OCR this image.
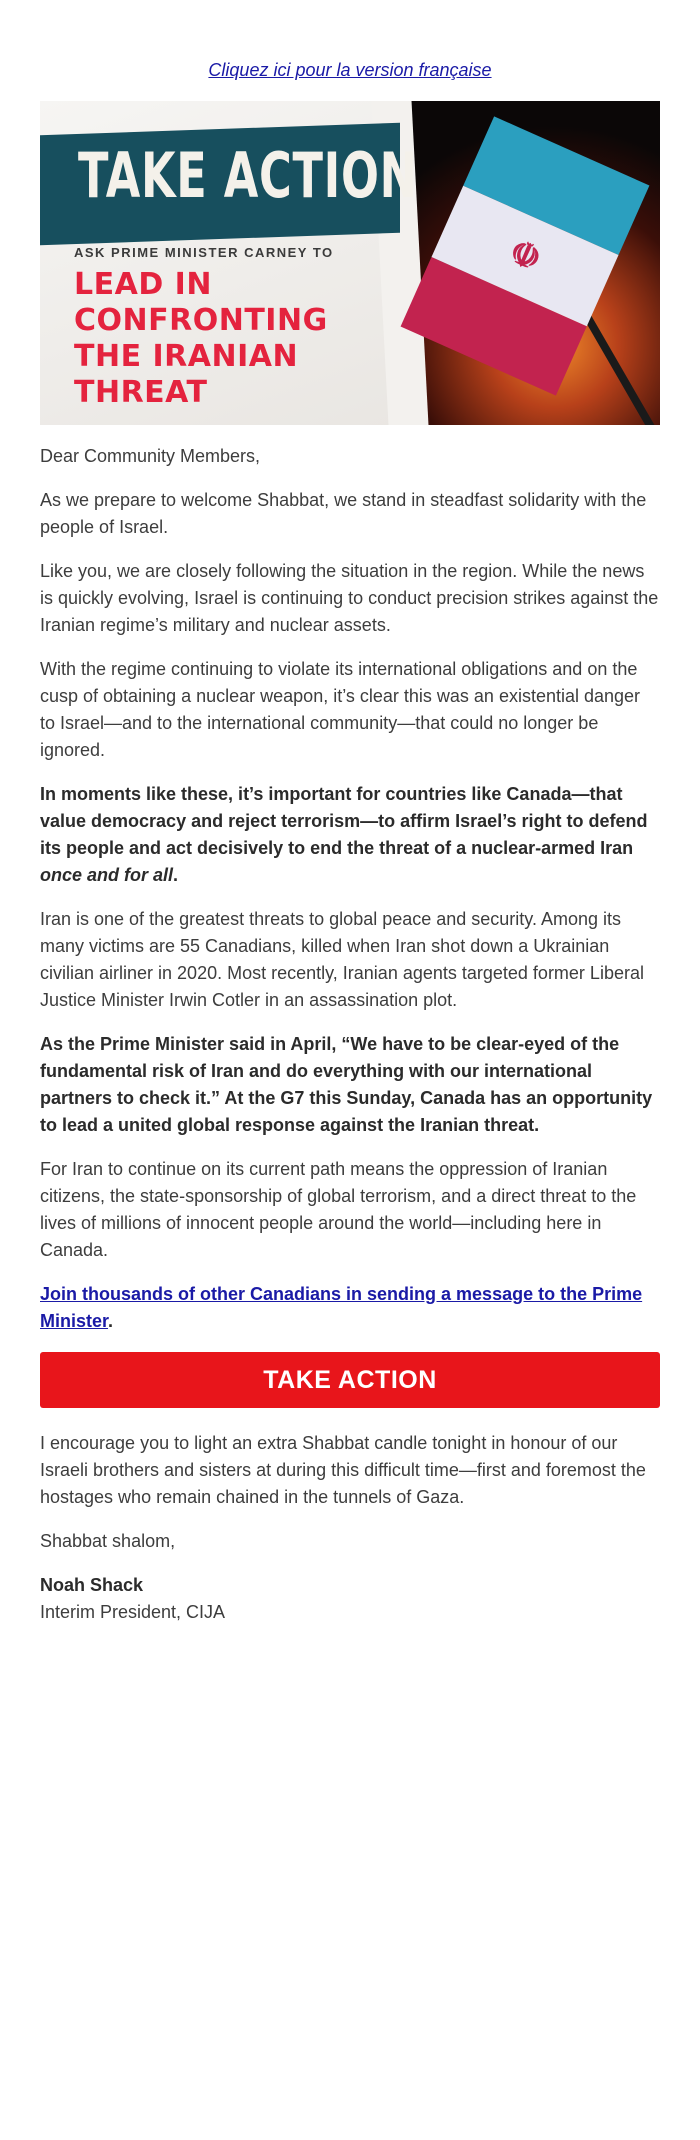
Cliquez ici pour la version française
☫
TAKE ACTION
ASK PRIME MINISTER CARNEY TO
LEAD IN
CONFRONTING
THE IRANIAN
THREAT

Dear Community Members,

As we prepare to welcome Shabbat, we stand in steadfast solidarity with the people of Israel.

Like you, we are closely following the situation in the region. While the news is quickly evolving, Israel is continuing to conduct precision strikes against the Iranian regime’s military and nuclear assets.

With the regime continuing to violate its international obligations and on the cusp of obtaining a nuclear weapon, it’s clear this was an existential danger to Israel—and to the international community—that could no longer be ignored.

In moments like these, it’s important for countries like Canada—that value democracy and reject terrorism—to affirm Israel’s right to defend its people and act decisively to end the threat of a nuclear-armed Iran once and for all.

Iran is one of the greatest threats to global peace and security. Among its many victims are 55 Canadians, killed when Iran shot down a Ukrainian civilian airliner in 2020. Most recently, Iranian agents targeted former Liberal Justice Minister Irwin Cotler in an assassination plot.

As the Prime Minister said in April, “We have to be clear-eyed of the fundamental risk of Iran and do everything with our international partners to check it.” At the G7 this Sunday, Canada has an opportunity to lead a united global response against the Iranian threat.

For Iran to continue on its current path means the oppression of Iranian citizens, the state-sponsorship of global terrorism, and a direct threat to the lives of millions of innocent people around the world—including here in Canada.

Join thousands of other Canadians in sending a message to the Prime Minister.

TAKE ACTION

I encourage you to light an extra Shabbat candle tonight in honour of our Israeli brothers and sisters at during this difficult time—first and foremost the hostages who remain chained in the tunnels of Gaza.

Shabbat shalom,

Noah Shack
Interim President, CIJA
